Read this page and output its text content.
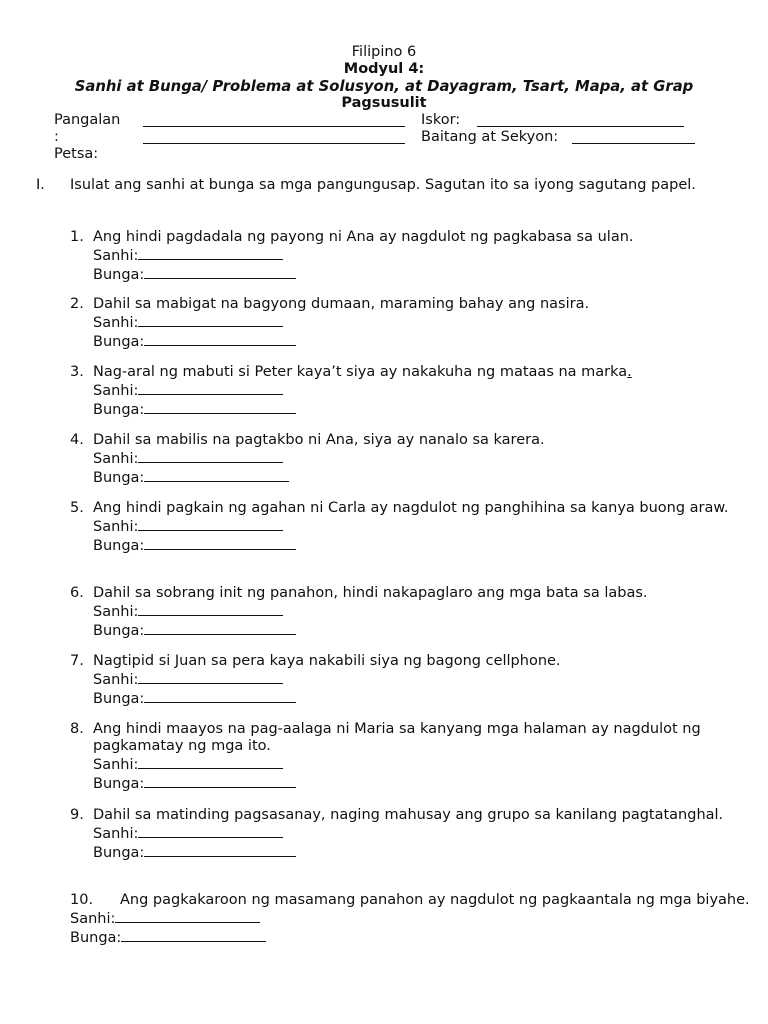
Filipino 6
Modyul 4:
Sanhi at Bunga/ Problema at Solusyon, at Dayagram, Tsart, Mapa, at Grap
Pagsusulit
Pangalan
:
Petsa:
Iskor:
Baitang at Sekyon:
I. Isulat ang sanhi at bunga sa mga pangungusap. Sagutan ito sa iyong sagutang papel.
1. Ang hindi pagdadala ng payong ni Ana ay nagdulot ng pagkabasa sa ulan.
Sanhi:
Bunga:
2. Dahil sa mabigat na bagyong dumaan, maraming bahay ang nasira.
Sanhi:
Bunga:
3. Nag-aral ng mabuti si Peter kaya’t siya ay nakakuha ng mataas na marka.
Sanhi:
Bunga:
4. Dahil sa mabilis na pagtakbo ni Ana, siya ay nanalo sa karera.
Sanhi:
Bunga:
5. Ang hindi pagkain ng agahan ni Carla ay nagdulot ng panghihina sa kanya buong araw.
Sanhi:
Bunga:
6. Dahil sa sobrang init ng panahon, hindi nakapaglaro ang mga bata sa labas.
Sanhi:
Bunga:
7. Nagtipid si Juan sa pera kaya nakabili siya ng bagong cellphone.
Sanhi:
Bunga:
8. Ang hindi maayos na pag-aalaga ni Maria sa kanyang mga halaman ay nagdulot ng pagkamatay ng mga ito.
Sanhi:
Bunga:
9. Dahil sa matinding pagsasanay, naging mahusay ang grupo sa kanilang pagtatanghal.
Sanhi:
Bunga:
10.	Ang pagkakaroon ng masamang panahon ay nagdulot ng pagkaantala ng mga biyahe.
Sanhi:
Bunga:
